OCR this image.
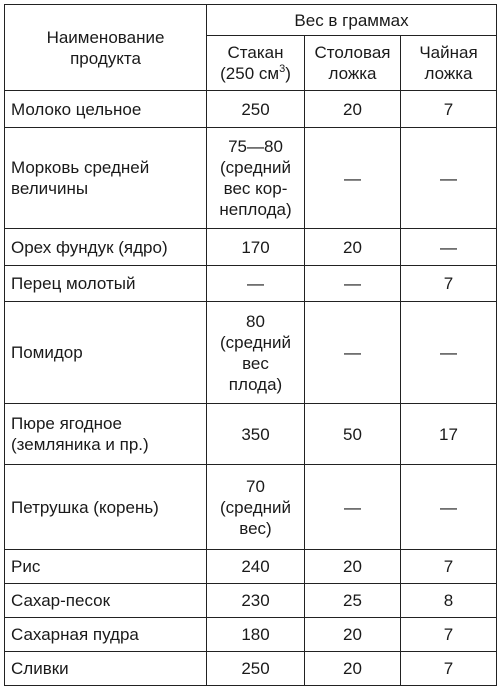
Наименование продукта	Вес в граммах		
	Стакан (250 $см^3$)	Столовая ложка	Чайная ложка
Молоко цельное	250	20	7
Морковь средней величины	75—80 (средний вес кор-неплода)	—	—
Орех фундук (ядро)	170	20	—
Перец молотый	—	—	7
Помидор	80 (средний вес плода)	—	—
Пюре ягодное (земляника и пр.)	350	50	17
Петрушка (корень)	70 (средний вес)	—	—
Рис	240	20	7
Сахар-песок	230	25	8
Сахарная пудра	180	20	7
Сливки	250	20	7
